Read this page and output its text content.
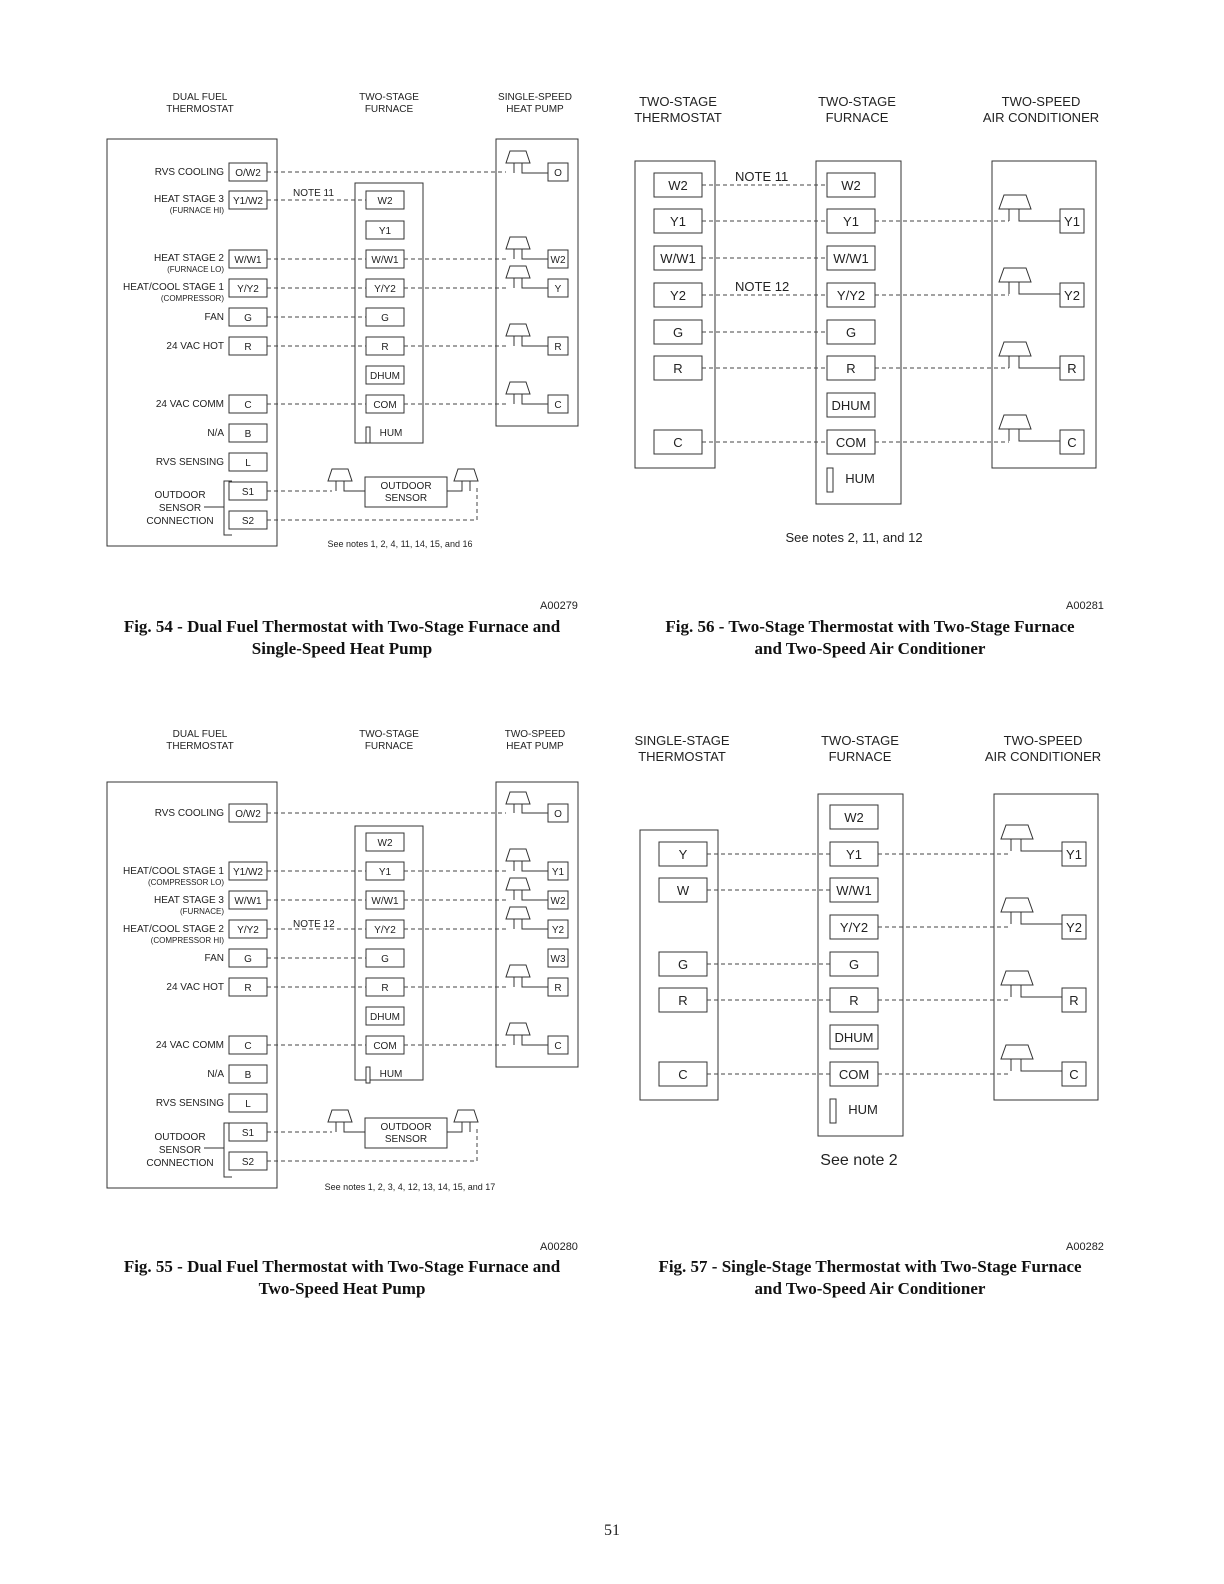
DUAL FUEL
THERMOSTAT
TWO-STAGE
FURNACE
SINGLE-SPEED
HEAT PUMP
RVS COOLING
HEAT STAGE 3
(FURNACE HI)
HEAT STAGE 2
(FURNACE LO)
HEAT/COOL STAGE 1
(COMPRESSOR)
FAN
24 VAC HOT
24 VAC COMM
N/A
RVS SENSING
OUTDOOR
SENSOR
CONNECTION
O/W2
Y1/W2
W/W1
Y/Y2
G
R
C
B
L
S1
S2
W2
Y1
W/W1
Y/Y2
G
R
DHUM
COM
HUM
O
W2
Y
R
C
NOTE 11
OUTDOOR
SENSOR
See notes 1, 2, 4, 11, 14, 15, and 16
A00279
Fig. 54 - Dual Fuel Thermostat with Two-Stage Furnace and
Single-Speed Heat Pump
TWO-STAGE
THERMOSTAT
TWO-STAGE
FURNACE
TWO-SPEED
AIR CONDITIONER
W2
Y1
W/W1
Y2
G
R
C
W2
Y1
W/W1
Y/Y2
G
R
DHUM
COM
HUM
Y1
Y2
R
C
NOTE 11
NOTE 12
See notes 2, 11, and 12
A00281
Fig. 56 - Two-Stage Thermostat with Two-Stage Furnace
and Two-Speed Air Conditioner
DUAL FUEL
THERMOSTAT
TWO-STAGE
FURNACE
TWO-SPEED
HEAT PUMP
RVS COOLING
HEAT/COOL STAGE 1
(COMPRESSOR LO)
HEAT STAGE 3
(FURNACE)
HEAT/COOL STAGE 2
(COMPRESSOR HI)
FAN
24 VAC HOT
24 VAC COMM
N/A
RVS SENSING
OUTDOOR
SENSOR
CONNECTION
O/W2
Y1/W2
W/W1
Y/Y2
G
R
C
B
L
S1
S2
W2
Y1
W/W1
Y/Y2
G
R
DHUM
COM
HUM
O
Y1
W2
Y2
W3
R
C
NOTE 12
OUTDOOR
SENSOR
See notes 1, 2, 3, 4, 12, 13, 14, 15, and 17
A00280
Fig. 55 - Dual Fuel Thermostat with Two-Stage Furnace and
Two-Speed Heat Pump
SINGLE-STAGE
THERMOSTAT
TWO-STAGE
FURNACE
TWO-SPEED
AIR CONDITIONER
Y
W
G
R
C
W2
Y1
W/W1
Y/Y2
G
R
DHUM
COM
HUM
Y1
Y2
R
C
See note 2
A00282
Fig. 57 - Single-Stage Thermostat with Two-Stage Furnace
and Two-Speed Air Conditioner
51
